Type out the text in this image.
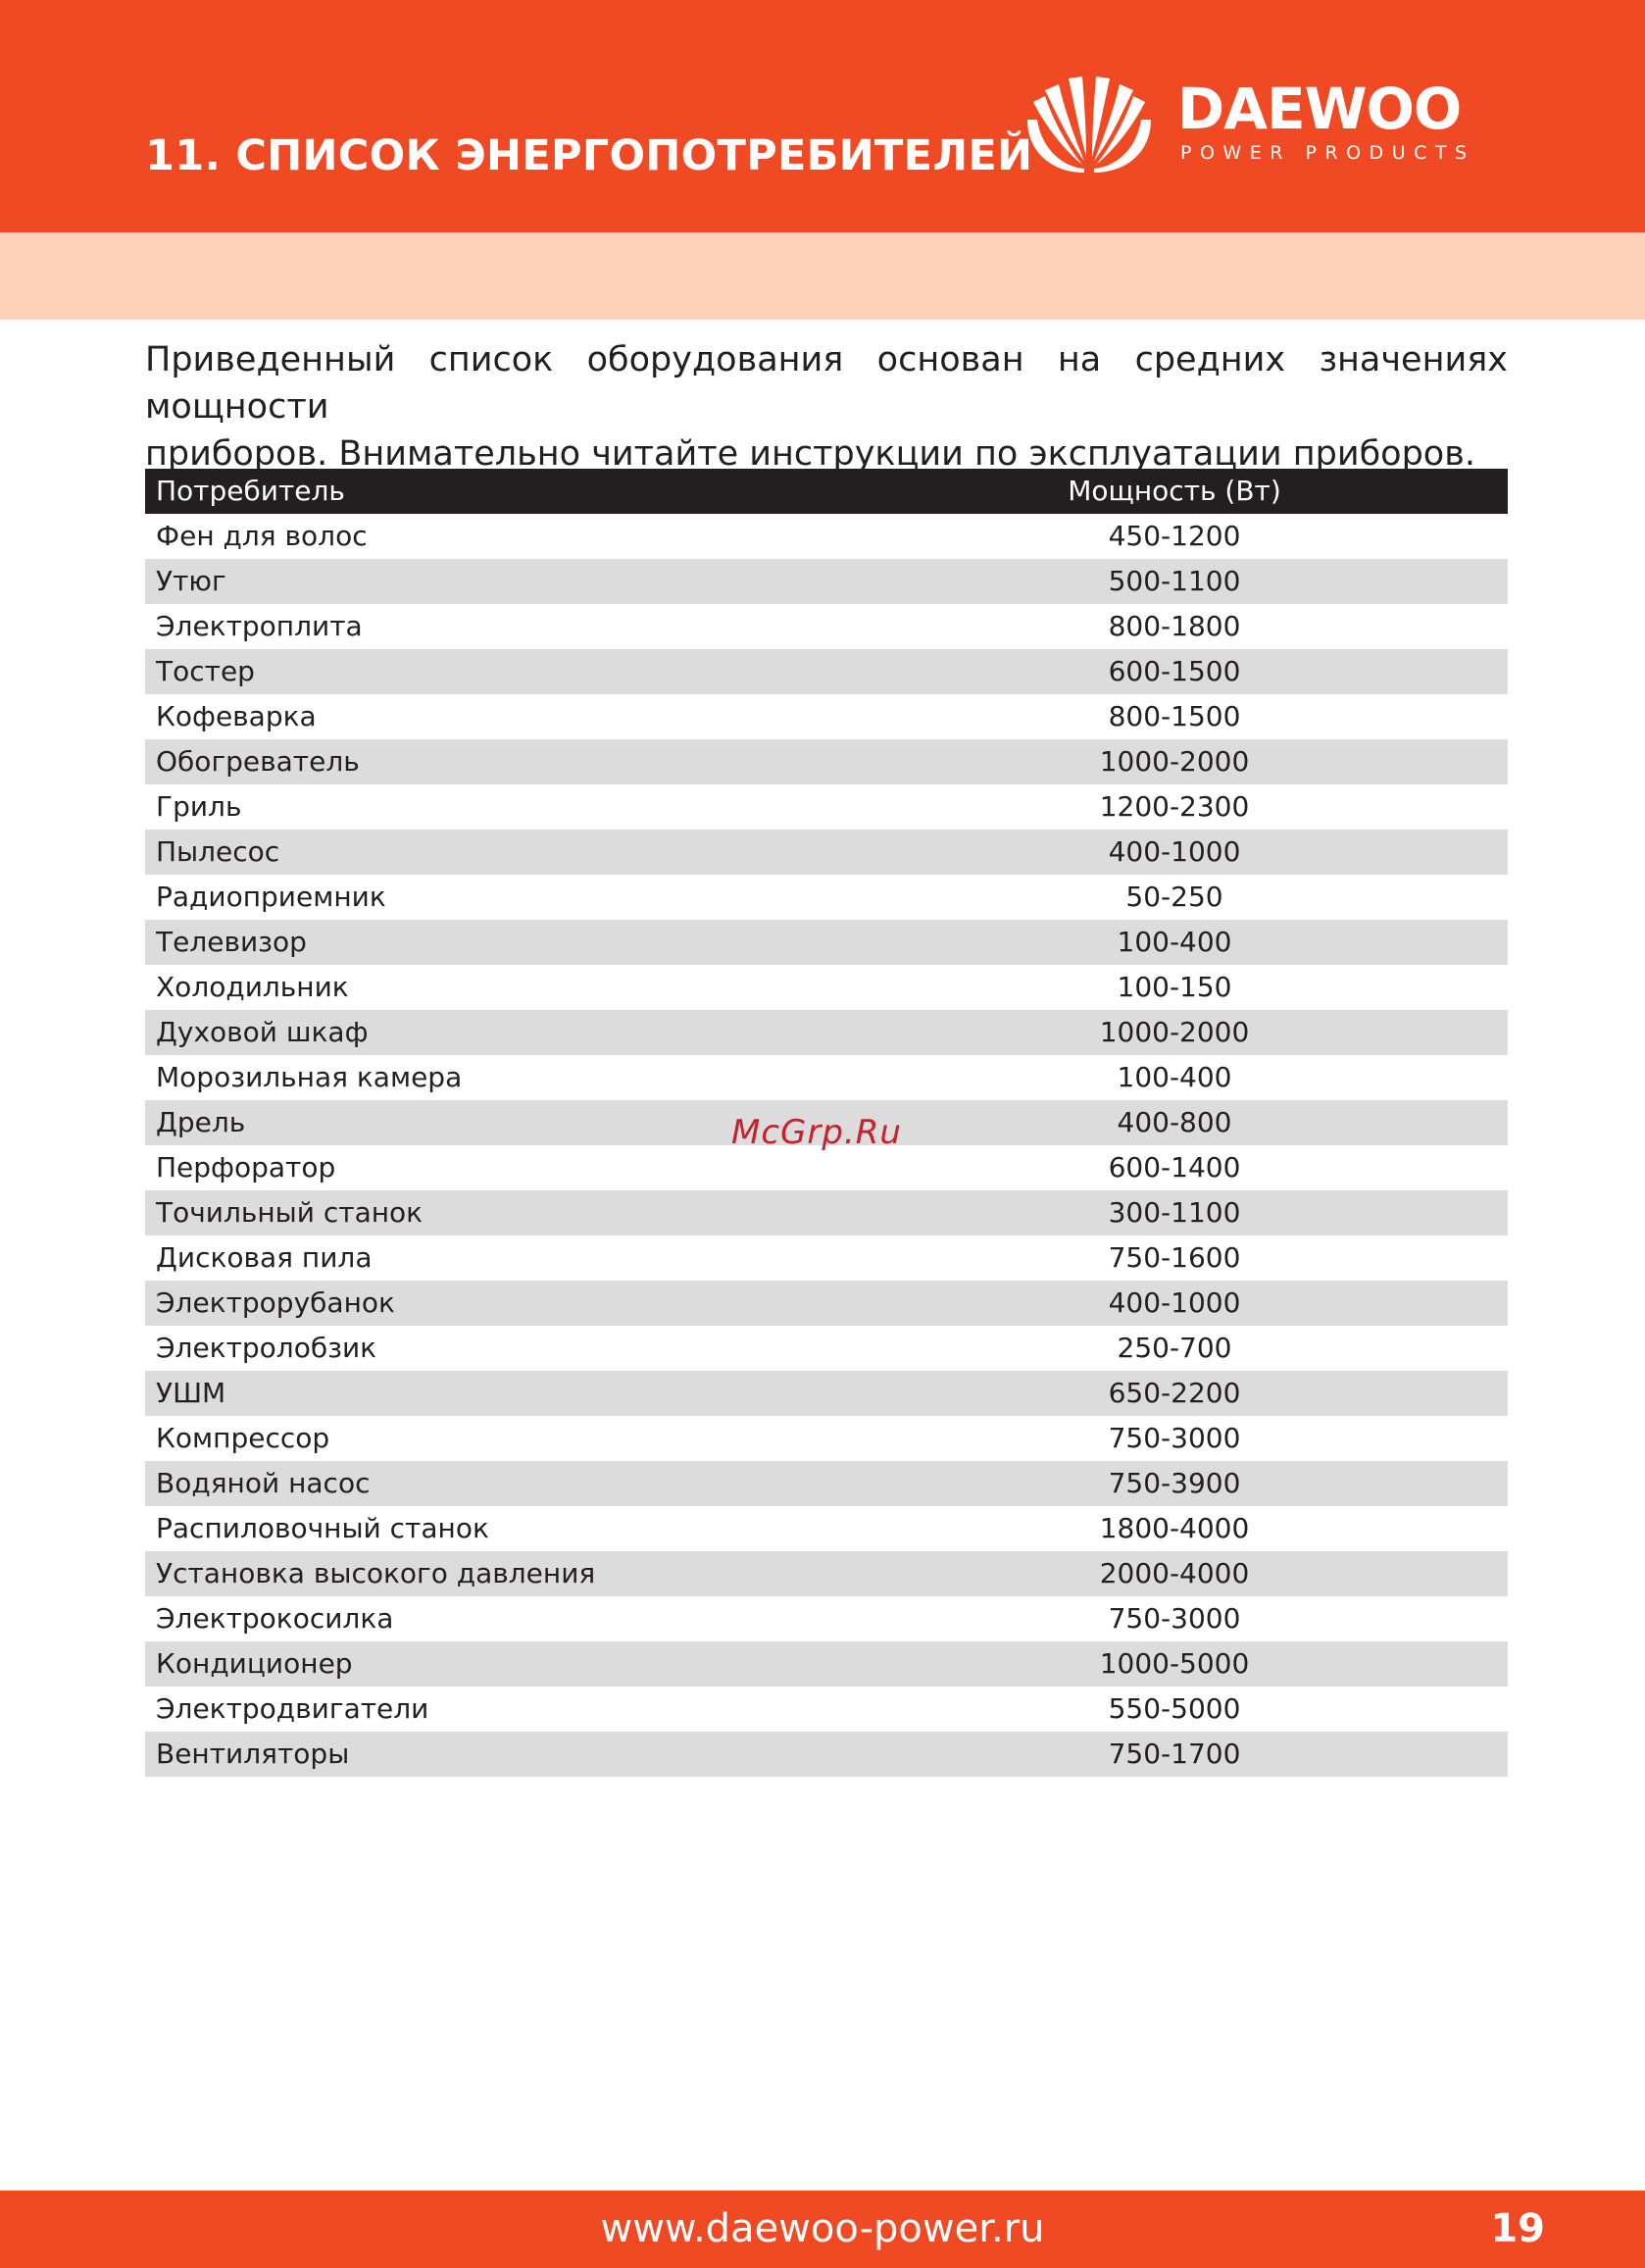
11. СПИСОК ЭНЕРГОПОТРЕБИТЕЛЕЙ
DAEWOO
POWER PRODUCTS
Приведенный список оборудования основан на средних значениях мощности
приборов. Внимательно читайте инструкции по эксплуатации приборов.
Потребитель	Мощность (Вт)
Фен для волос	450-1200
Утюг	500-1100
Электроплита	800-1800
Тостер	600-1500
Кофеварка	800-1500
Обогреватель	1000-2000
Гриль	1200-2300
Пылесос	400-1000
Радиоприемник	50-250
Телевизор	100-400
Холодильник	100-150
Духовой шкаф	1000-2000
Морозильная камера	100-400
Дрель	400-800
Перфоратор	600-1400
Точильный станок	300-1100
Дисковая пила	750-1600
Электрорубанок	400-1000
Электролобзик	250-700
УШМ	650-2200
Компрессор	750-3000
Водяной насос	750-3900
Распиловочный станок	1800-4000
Установка высокого давления	2000-4000
Электрокосилка	750-3000
Кондиционер	1000-5000
Электродвигатели	550-5000
Вентиляторы	750-1700
McGrp.Ru
www.daewoo-power.ru	19
